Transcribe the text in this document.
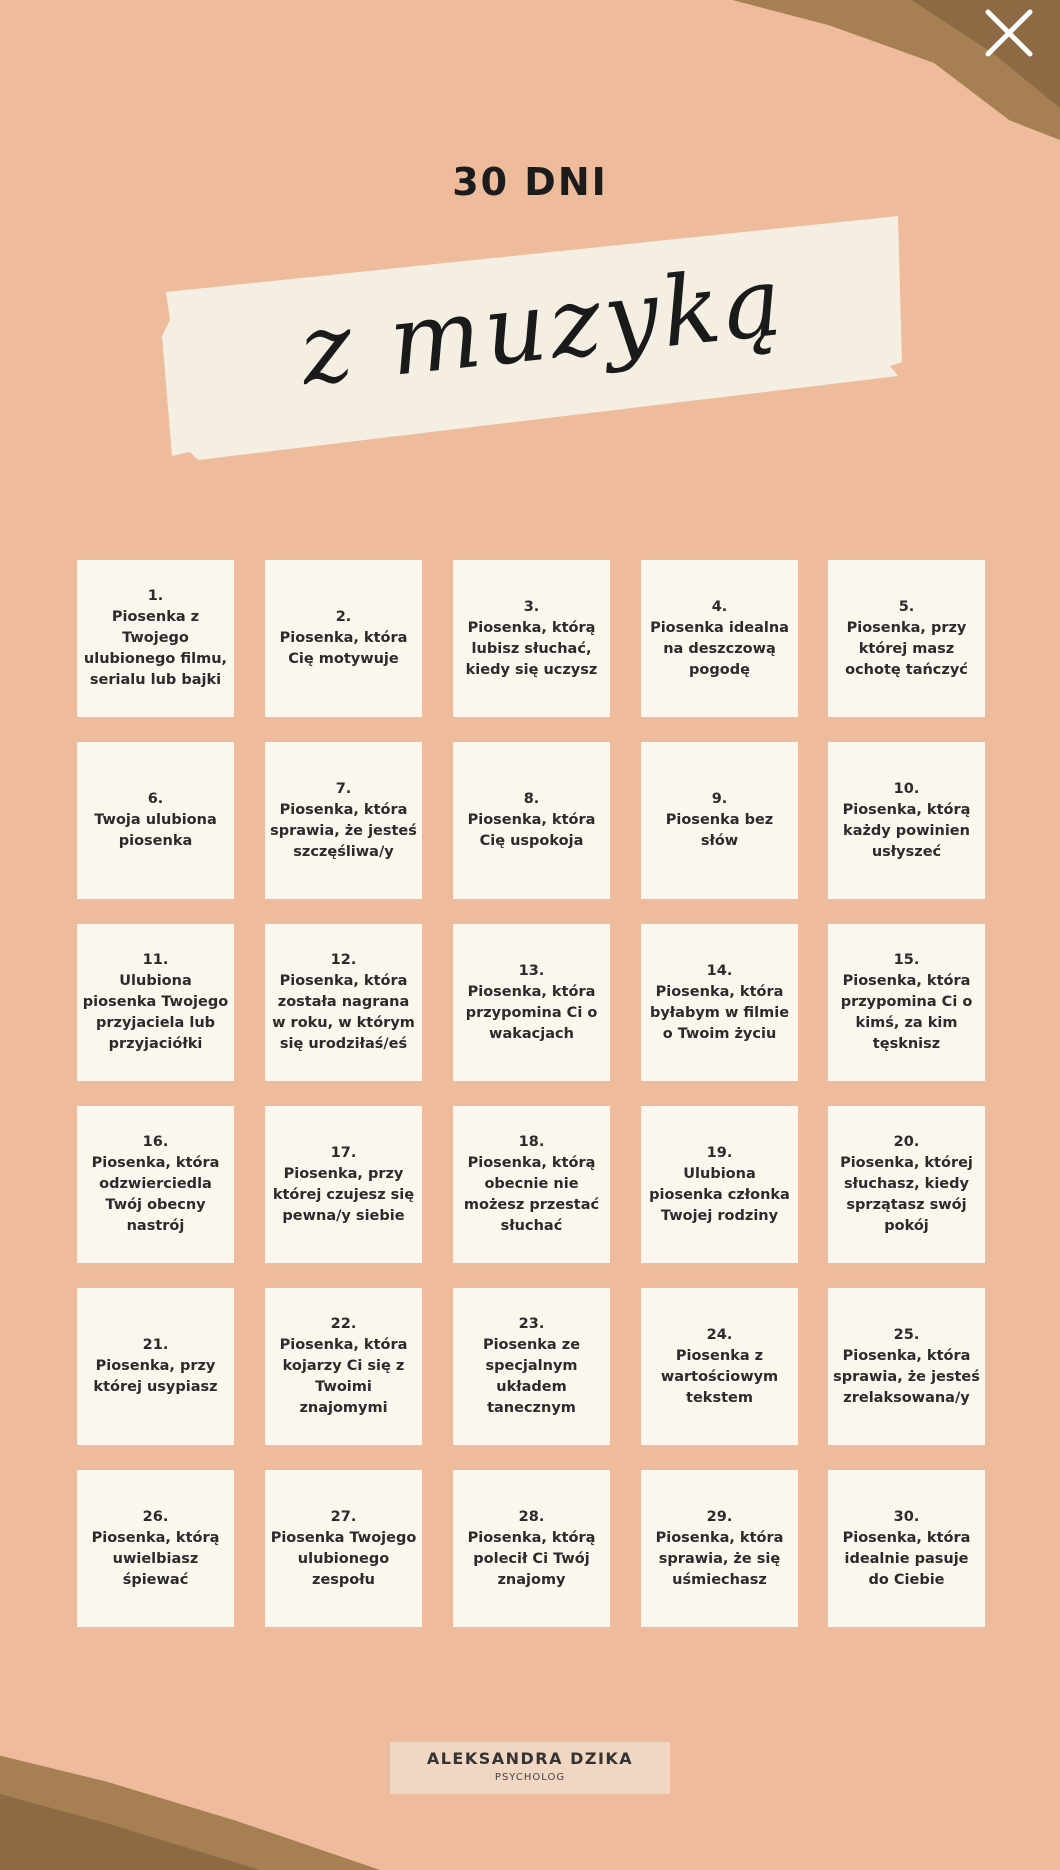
30 DNI
z muzyką
1.
Piosenka z Twojego ulubionego filmu, serialu lub bajki
2.
Piosenka, która Cię motywuje
3.
Piosenka, którą lubisz słuchać, kiedy się uczysz
4.
Piosenka idealna na deszczową pogodę
5.
Piosenka, przy której masz ochotę tańczyć
6.
Twoja ulubiona piosenka
7.
Piosenka, która sprawia, że jesteś szczęśliwa/y
8.
Piosenka, która Cię uspokoja
9.
Piosenka bez słów
10.
Piosenka, którą każdy powinien usłyszeć
11.
Ulubiona piosenka Twojego przyjaciela lub przyjaciółki
12.
Piosenka, która została nagrana w roku, w którym się urodziłaś/eś
13.
Piosenka, która przypomina Ci o wakacjach
14.
Piosenka, która byłabym w filmie o Twoim życiu
15.
Piosenka, która przypomina Ci o kimś, za kim tęsknisz
16.
Piosenka, która odzwierciedla Twój obecny nastrój
17.
Piosenka, przy której czujesz się pewna/y siebie
18.
Piosenka, którą obecnie nie możesz przestać słuchać
19.
Ulubiona piosenka członka Twojej rodziny
20.
Piosenka, której słuchasz, kiedy sprzątasz swój pokój
21.
Piosenka, przy której usypiasz
22.
Piosenka, która kojarzy Ci się z Twoimi znajomymi
23.
Piosenka ze specjalnym układem tanecznym
24.
Piosenka z wartościowym tekstem
25.
Piosenka, która sprawia, że jesteś zrelaksowana/y
26.
Piosenka, którą uwielbiasz śpiewać
27.
Piosenka Twojego ulubionego zespołu
28.
Piosenka, którą polecił Ci Twój znajomy
29.
Piosenka, która sprawia, że się uśmiechasz
30.
Piosenka, która idealnie pasuje do Ciebie
ALEKSANDRA DZIKA
PSYCHOLOG
